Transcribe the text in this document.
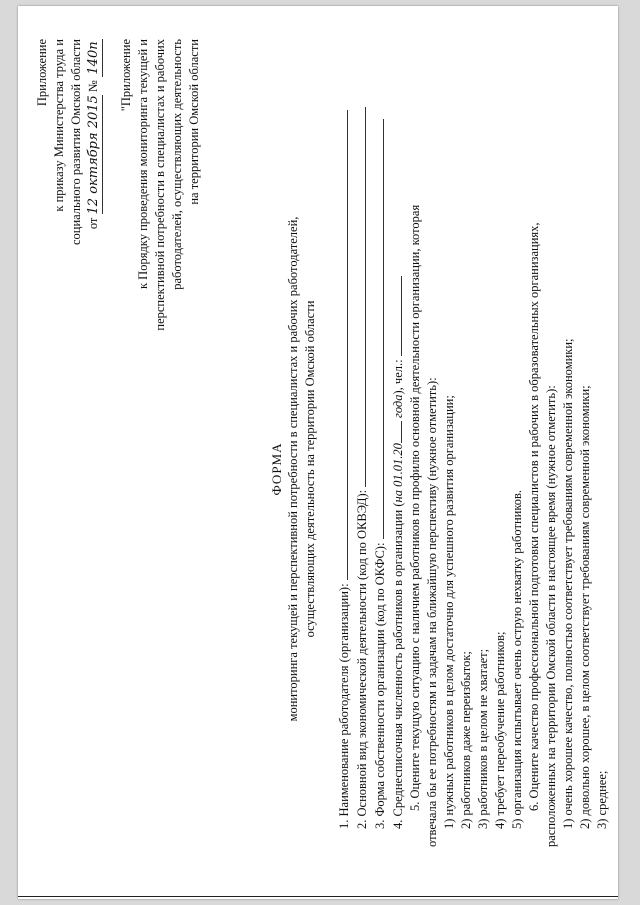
Приложение к приказу Министерства труда и социального развития Омской области от 12 октября 2015 № 140п "Приложение к Порядку проведения мониторинга текущей и перспективной потребности в специалистах и рабочих работодателей, осуществляющих деятельность на территории Омской области
ФОРМА мониторинга текущей и перспективной потребности в специалистах и рабочих работодателей, осуществляющих деятельность на территории Омской области
1. Наименование работодателя (организации): 2. Основной вид экономической деятельности (код по ОКВЭД): 3. Форма собственности организации (код по ОКФС): 4. Среднесписочная численность работников в организации (на 01.01.20 года), чел.: 5. Оцените текущую ситуацию с наличием работников по профилю основной деятельности организации, которая отвечала бы ее потребностям и задачам на ближайшую перспективу (нужное отметить): 1) нужных работников в целом достаточно для успешного развития организации; 2) работников даже переизбыток; 3) работников в целом не хватает; 4) требует переобучение работников; 5) организация испытывает очень острую нехватку работников. 6. Оцените качество профессиональной подготовки специалистов и рабочих в образовательных организациях, расположенных на территории Омской области в настоящее время (нужное отметить): 1) очень хорошее качество, полностью соответствует требованиям современной экономики; 2) довольно хорошее, в целом соответствует требованиям современной экономики; 3) среднее;
